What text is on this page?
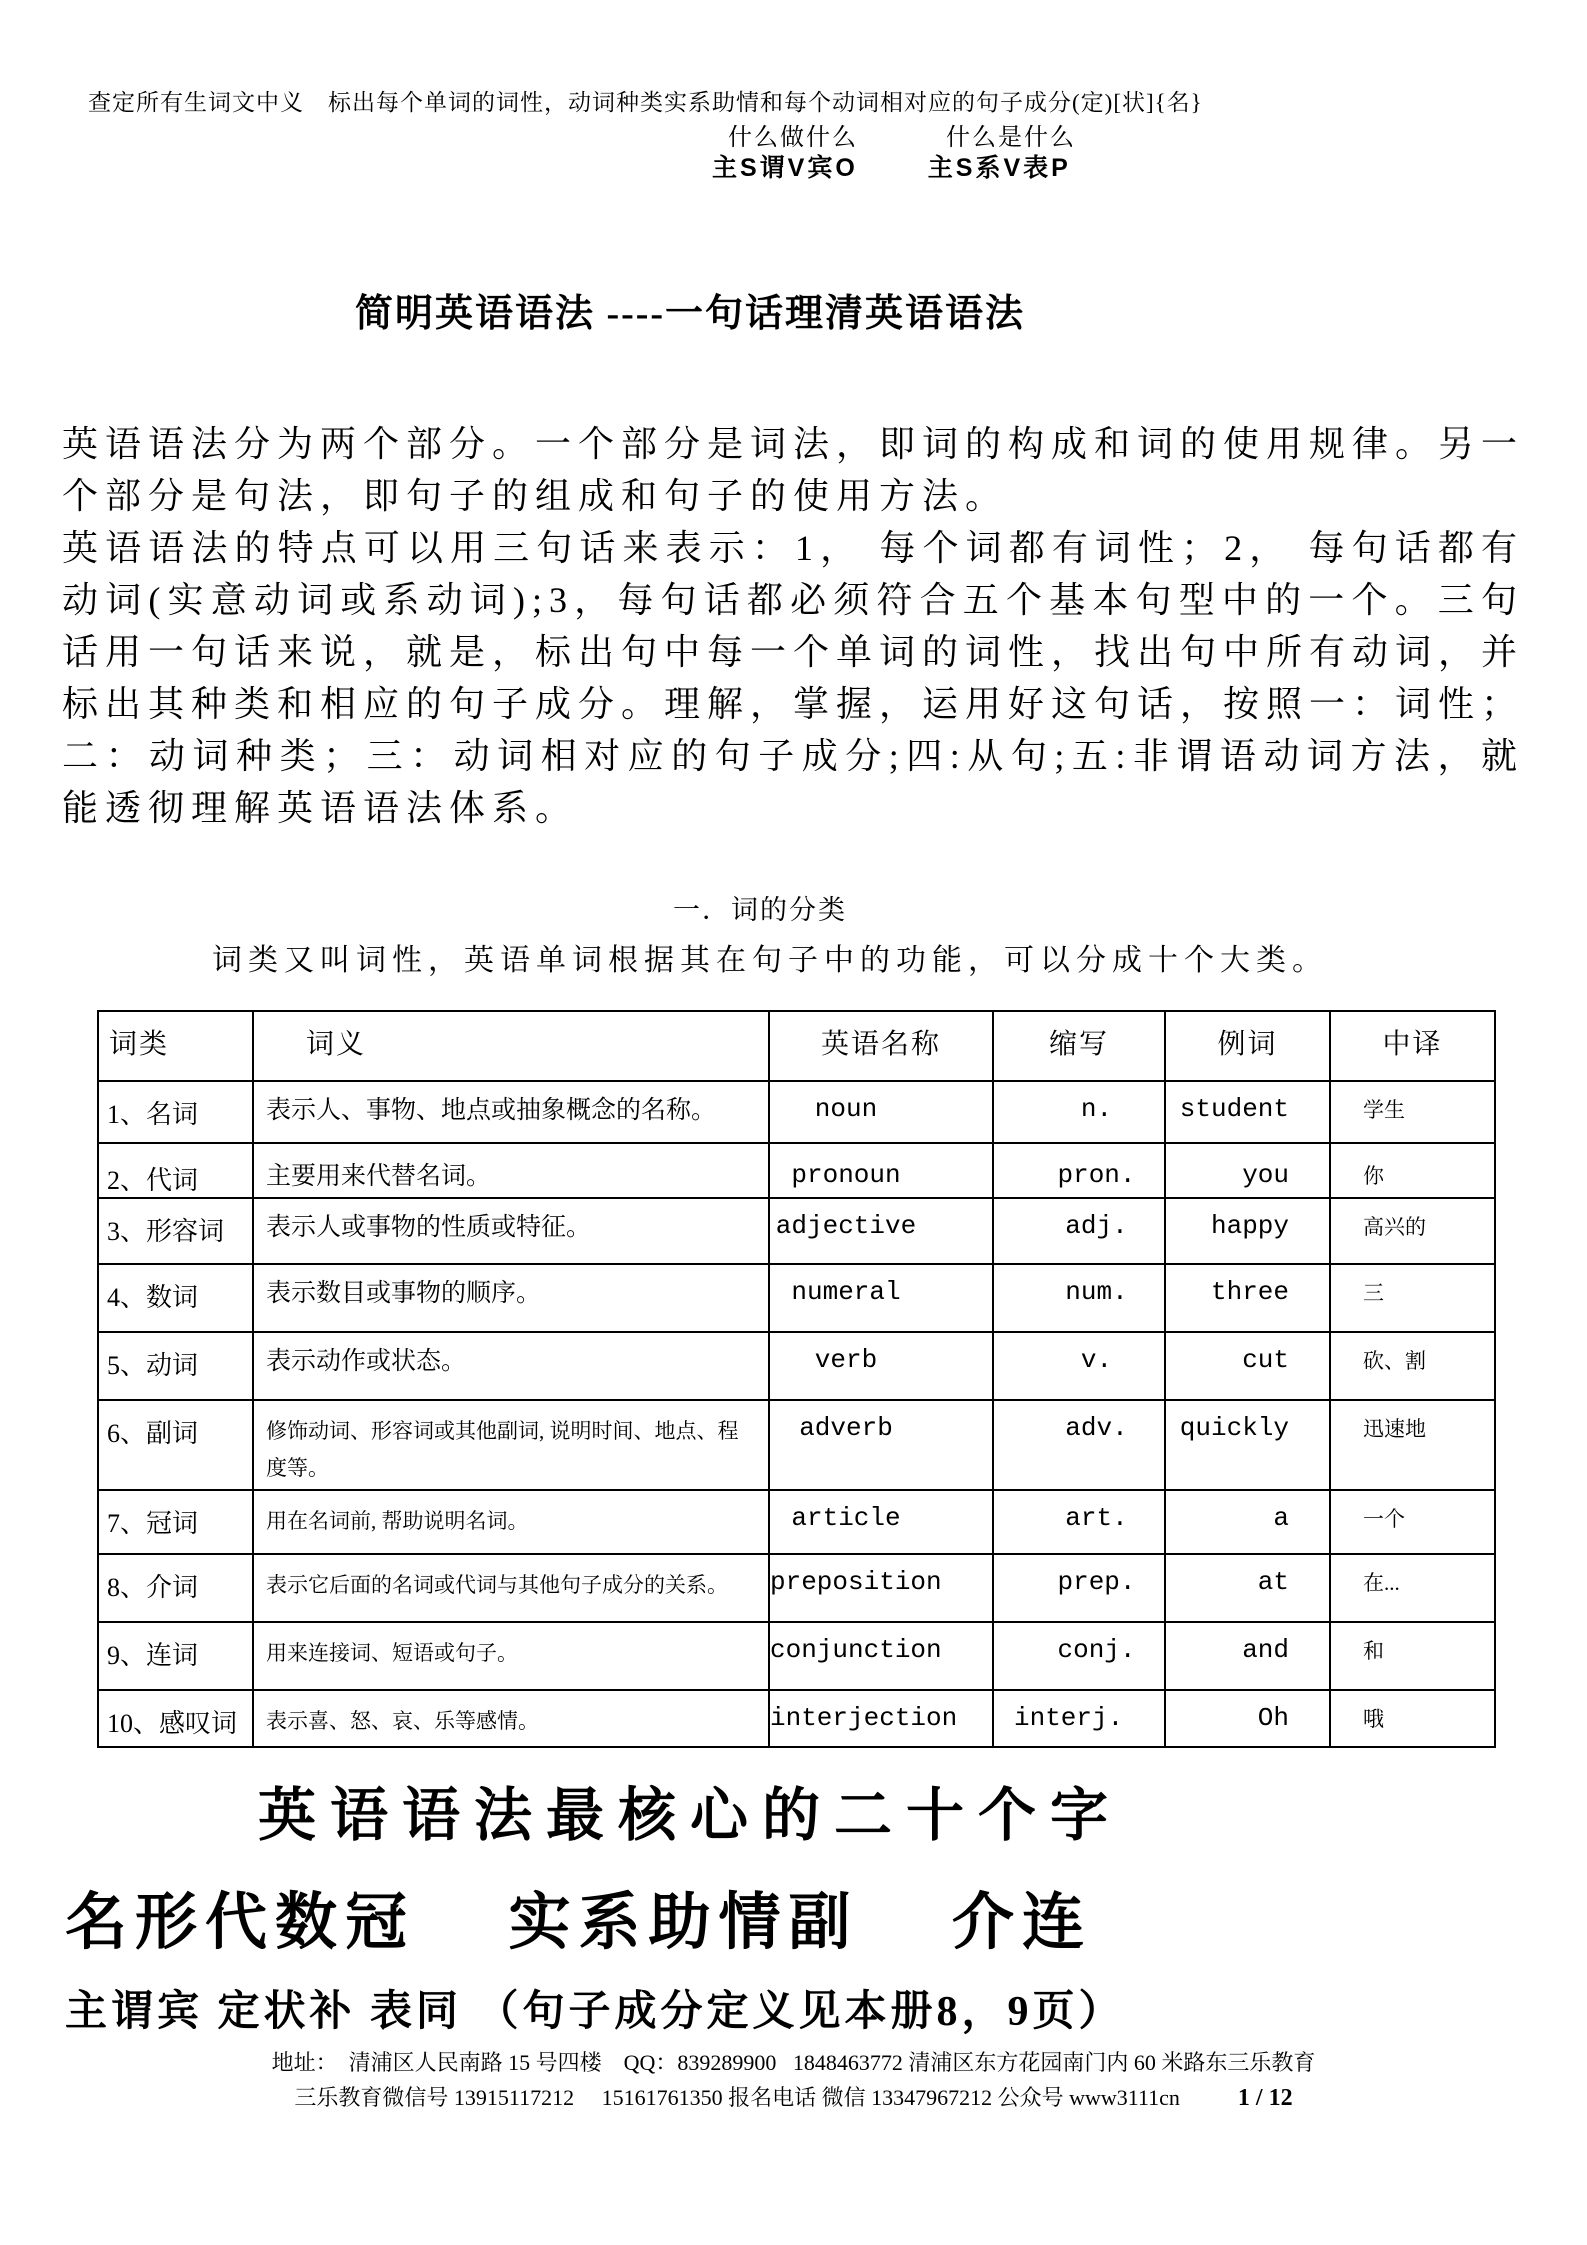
查定所有生词文中义　标出每个单词的词性，动词种类实系助情和每个动词相对应的句子成分(定)[状]{名}
什么做什么	什么是什么
主S谓V宾O	主S系V表P
简明英语语法 ----一句话理清英语语法

英语语法分为两个部分。一个部分是词法，即词的构成和词的使用规律。另一个部分是句法，即句子的组成和句子的使用方法。

英语语法的特点可以用三句话来表示：1， 每个词都有词性；2， 每句话都有动词(实意动词或系动词);3，每句话都必须符合五个基本句型中的一个。三句话用一句话来说，就是，标出句中每一个单词的词性，找出句中所有动词，并标出其种类和相应的句子成分。理解，掌握，运用好这句话，按照一：词性；二：动词种类；三：动词相对应的句子成分;四:从句;五:非谓语动词方法，就能透彻理解英语语法体系。

一．词的分类
词类又叫词性，英语单词根据其在句子中的功能，可以分成十个大类。
词类	词义	英语名称	缩写	例词	中译
1、名词	表示人、事物、地点或抽象概念的名称。	noun	n.	student	学生
2、代词	主要用来代替名词。	pronoun	pron.	you	你
3、形容词	表示人或事物的性质或特征。	adjective	adj.	happy	高兴的
4、数词	表示数目或事物的顺序。	numeral	num.	three	三
5、动词	表示动作或状态。	verb	v.	cut	砍、割
6、副词	修饰动词、形容词或其他副词, 说明时间、地点、程度等。	adverb	adv.	quickly	迅速地
7、冠词	用在名词前, 帮助说明名词。	article	art.	a	一个
8、介词	表示它后面的名词或代词与其他句子成分的关系。	preposition	prep.	at	在...
9、连词	用来连接词、短语或句子。	conjunction	conj.	and	和
10、感叹词	表示喜、怒、哀、乐等感情。	interjection	interj.	Oh	哦
英语语法最核心的二十个字
名形代数冠　 实系助情副　 介连
主谓宾 定状补 表同 （句子成分定义见本册8，9页）
地址：  清浦区人民南路 15 号四楼    QQ：839289900   1848463772 清浦区东方花园南门内 60 米路东三乐教育
三乐教育微信号 13915117212     15161761350 报名电话 微信 13347967212 公众号 www3111cn 1 / 12
